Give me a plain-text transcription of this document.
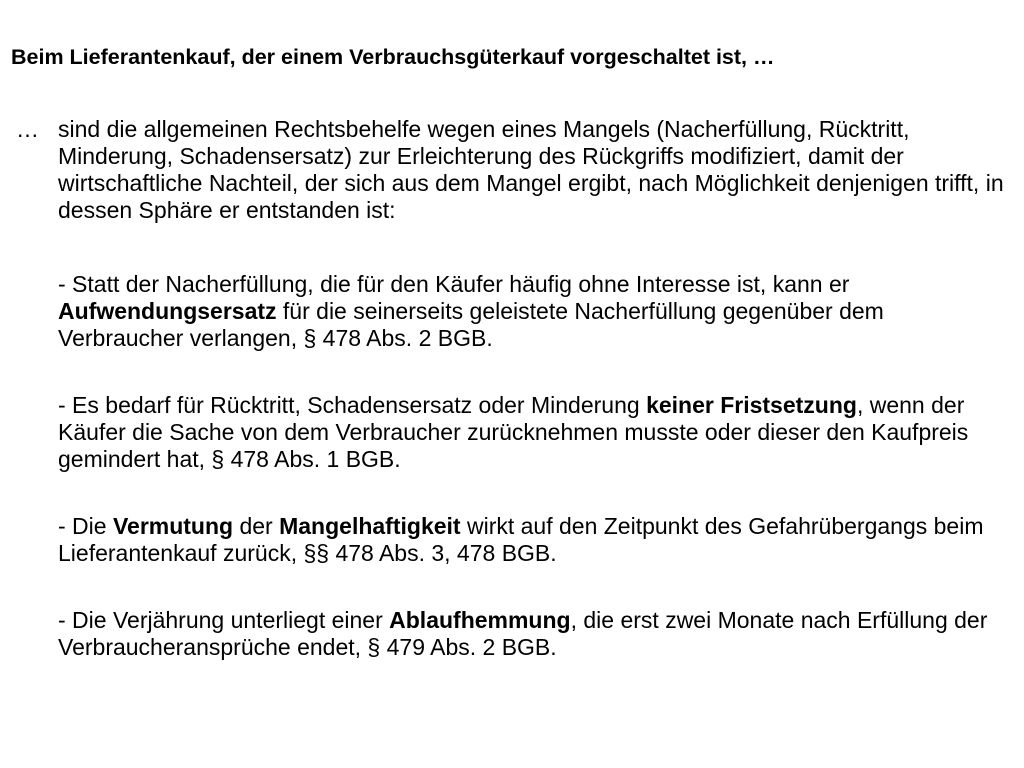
Beim Lieferantenkauf, der einem Verbrauchsgüterkauf vorgeschaltet ist, …
… sind die allgemeinen Rechtsbehelfe wegen eines Mangels (Nacherfüllung, Rücktritt, Minderung, Schadensersatz) zur Erleichterung des Rückgriffs modifiziert, damit der wirtschaftliche Nachteil, der sich aus dem Mangel ergibt, nach Möglichkeit denjenigen trifft, in dessen Sphäre er entstanden ist:

- Statt der Nacherfüllung, die für den Käufer häufig ohne Interesse ist, kann er Aufwendungsersatz für die seinerseits geleistete Nacherfüllung gegenüber dem Verbraucher verlangen, § 478 Abs. 2 BGB.

- Es bedarf für Rücktritt, Schadensersatz oder Minderung keiner Fristsetzung, wenn der Käufer die Sache von dem Verbraucher zurücknehmen musste oder dieser den Kaufpreis gemindert hat, § 478 Abs. 1 BGB.

- Die Vermutung der Mangelhaftigkeit wirkt auf den Zeitpunkt des Gefahrübergangs beim Lieferantenkauf zurück, §§ 478 Abs. 3, 478 BGB.

- Die Verjährung unterliegt einer Ablaufhemmung, die erst zwei Monate nach Erfüllung der Verbraucheransprüche endet, § 479 Abs. 2 BGB.
